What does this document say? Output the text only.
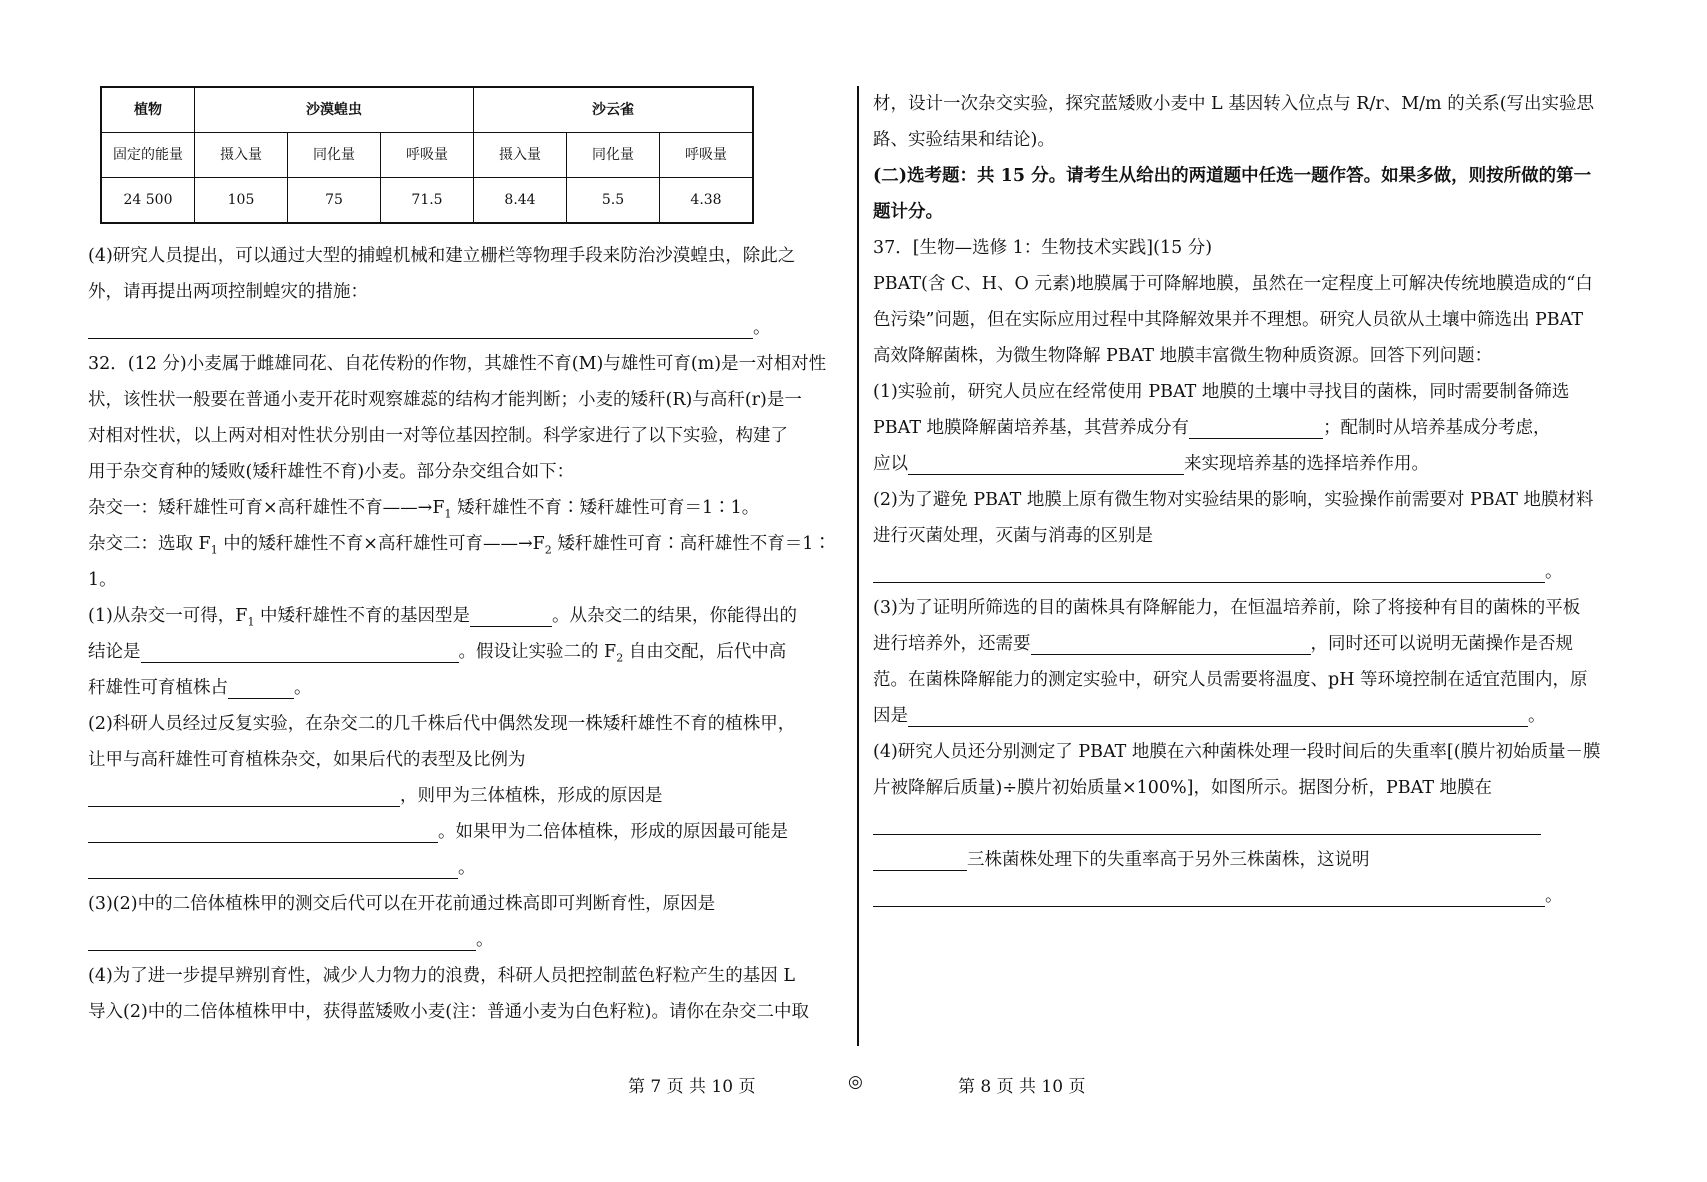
植物	沙漠蝗虫			沙云雀		
固定的能量	摄入量	同化量	呼吸量	摄入量	同化量	呼吸量
24 500	105	75	71.5	8.44	5.5	4.38
(4)研究人员提出，可以通过大型的捕蝗机械和建立栅栏等物理手段来防治沙漠蝗虫，除此之
外，请再提出两项控制蝗灾的措施：
。
32．(12 分)小麦属于雌雄同花、自花传粉的作物，其雄性不育(M)与雄性可育(m)是一对相对性
状，该性状一般要在普通小麦开花时观察雄蕊的结构才能判断；小麦的矮秆(R)与高秆(r)是一
对相对性状，以上两对相对性状分别由一对等位基因控制。科学家进行了以下实验，构建了
用于杂交育种的矮败(矮秆雄性不育)小麦。部分杂交组合如下：
杂交一：矮秆雄性可育×高秆雄性不育$——\to F_1$ 矮秆雄性不育∶矮秆雄性可育＝1∶1。
杂交二：选取 $F_1$ 中的矮秆雄性不育×高秆雄性可育$——\to F_2$ 矮秆雄性可育∶高秆雄性不育＝1∶
1。
(1)从杂交一可得，$F_1$ 中矮秆雄性不育的基因型是	。从杂交二的结果，你能得出的
结论是	。假设让实验二的 $F_2$ 自由交配，后代中高
秆雄性可育植株占	。
(2)科研人员经过反复实验，在杂交二的几千株后代中偶然发现一株矮秆雄性不育的植株甲，
让甲与高秆雄性可育植株杂交，如果后代的表型及比例为
，则甲为三体植株，形成的原因是
。如果甲为二倍体植株，形成的原因最可能是
。
(3)(2)中的二倍体植株甲的测交后代可以在开花前通过株高即可判断育性，原因是
。
(4)为了进一步提早辨别育性，减少人力物力的浪费，科研人员把控制蓝色籽粒产生的基因 L
导入(2)中的二倍体植株甲中，获得蓝矮败小麦(注：普通小麦为白色籽粒)。请你在杂交二中取
材，设计一次杂交实验，探究蓝矮败小麦中 L 基因转入位点与 R/r、M/m 的关系(写出实验思
路、实验结果和结论)。
(二)选考题：共 15 分。请考生从给出的两道题中任选一题作答。如果多做，则按所做的第一
题计分。
37．[生物—选修 1：生物技术实践](15 分)
PBAT(含 C、H、O 元素)地膜属于可降解地膜，虽然在一定程度上可解决传统地膜造成的“白
色污染”问题，但在实际应用过程中其降解效果并不理想。研究人员欲从土壤中筛选出 PBAT
高效降解菌株，为微生物降解 PBAT 地膜丰富微生物种质资源。回答下列问题：
(1)实验前，研究人员应在经常使用 PBAT 地膜的土壤中寻找目的菌株，同时需要制备筛选
PBAT 地膜降解菌培养基，其营养成分有	；配制时从培养基成分考虑，
应以	来实现培养基的选择培养作用。
(2)为了避免 PBAT 地膜上原有微生物对实验结果的影响，实验操作前需要对 PBAT 地膜材料
进行灭菌处理，灭菌与消毒的区别是
。
(3)为了证明所筛选的目的菌株具有降解能力，在恒温培养前，除了将接种有目的菌株的平板
进行培养外，还需要	，同时还可以说明无菌操作是否规
范。在菌株降解能力的测定实验中，研究人员需要将温度、pH 等环境控制在适宜范围内，原
因是	。
(4)研究人员还分别测定了 PBAT 地膜在六种菌株处理一段时间后的失重率[(膜片初始质量－膜
片被降解后质量)÷膜片初始质量×100%]，如图所示。据图分析，PBAT 地膜在
三株菌株处理下的失重率高于另外三株菌株，这说明
。
第 7 页 共 10 页	◎	第 8 页 共 10 页
